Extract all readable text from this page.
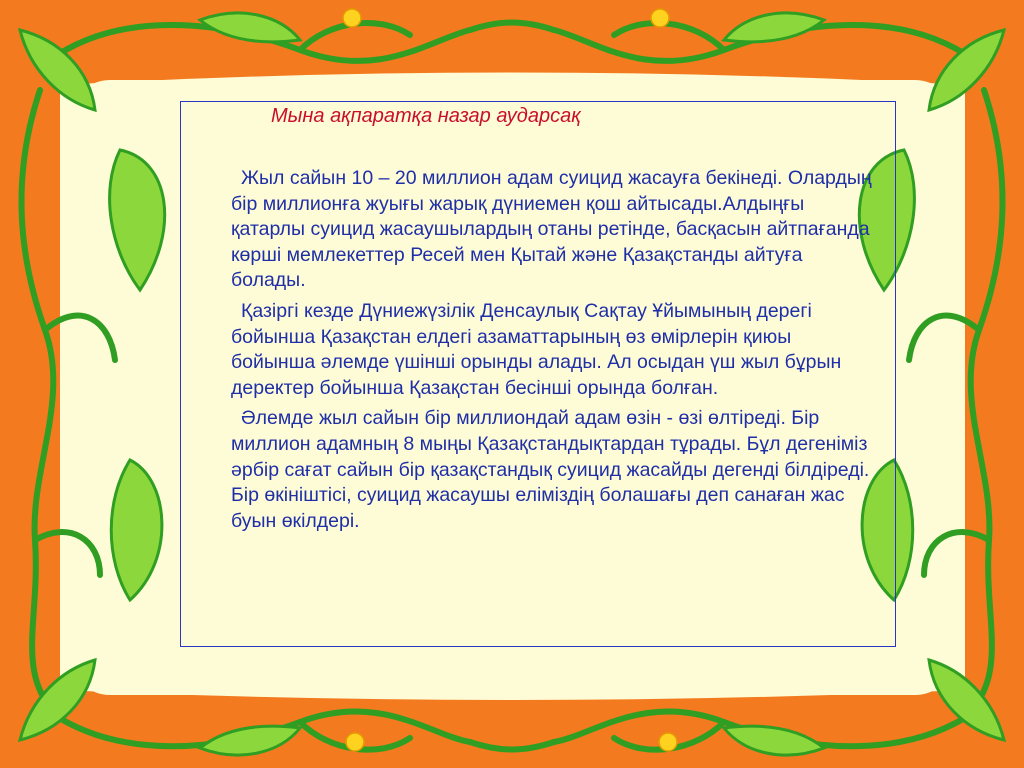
Мына ақпаратқа назар аударсақ

Жыл сайын 10 – 20 миллион адам суицид жасауға бекінеді. Олардың бір миллионға жуығы жарық дүниемен қош айтысады.Алдыңғы қатарлы суицид жасаушылардың отаны ретінде, басқасын айтпағанда көрші мемлекеттер Ресей мен Қытай және Қазақстанды айтуға болады.

Қазіргі кезде Дүниежүзілік Денсаулық Сақтау Ұйымының дерегі бойынша Қазақстан елдегі азаматтарының өз өмірлерін қиюы бойынша әлемде үшінші орынды алады. Ал осыдан үш жыл бұрын деректер бойынша Қазақстан бесінші орында болған.

Әлемде жыл сайын бір миллиондай адам өзін - өзі өлтіреді. Бір миллион адамның 8 мыңы Қазақстандықтардан тұрады. Бұл дегеніміз әрбір сағат сайын бір қазақстандық суицид жасайды дегенді білдіреді. Бір өкініштісі, суицид жасаушы еліміздің болашағы деп санаған жас буын өкілдері.
